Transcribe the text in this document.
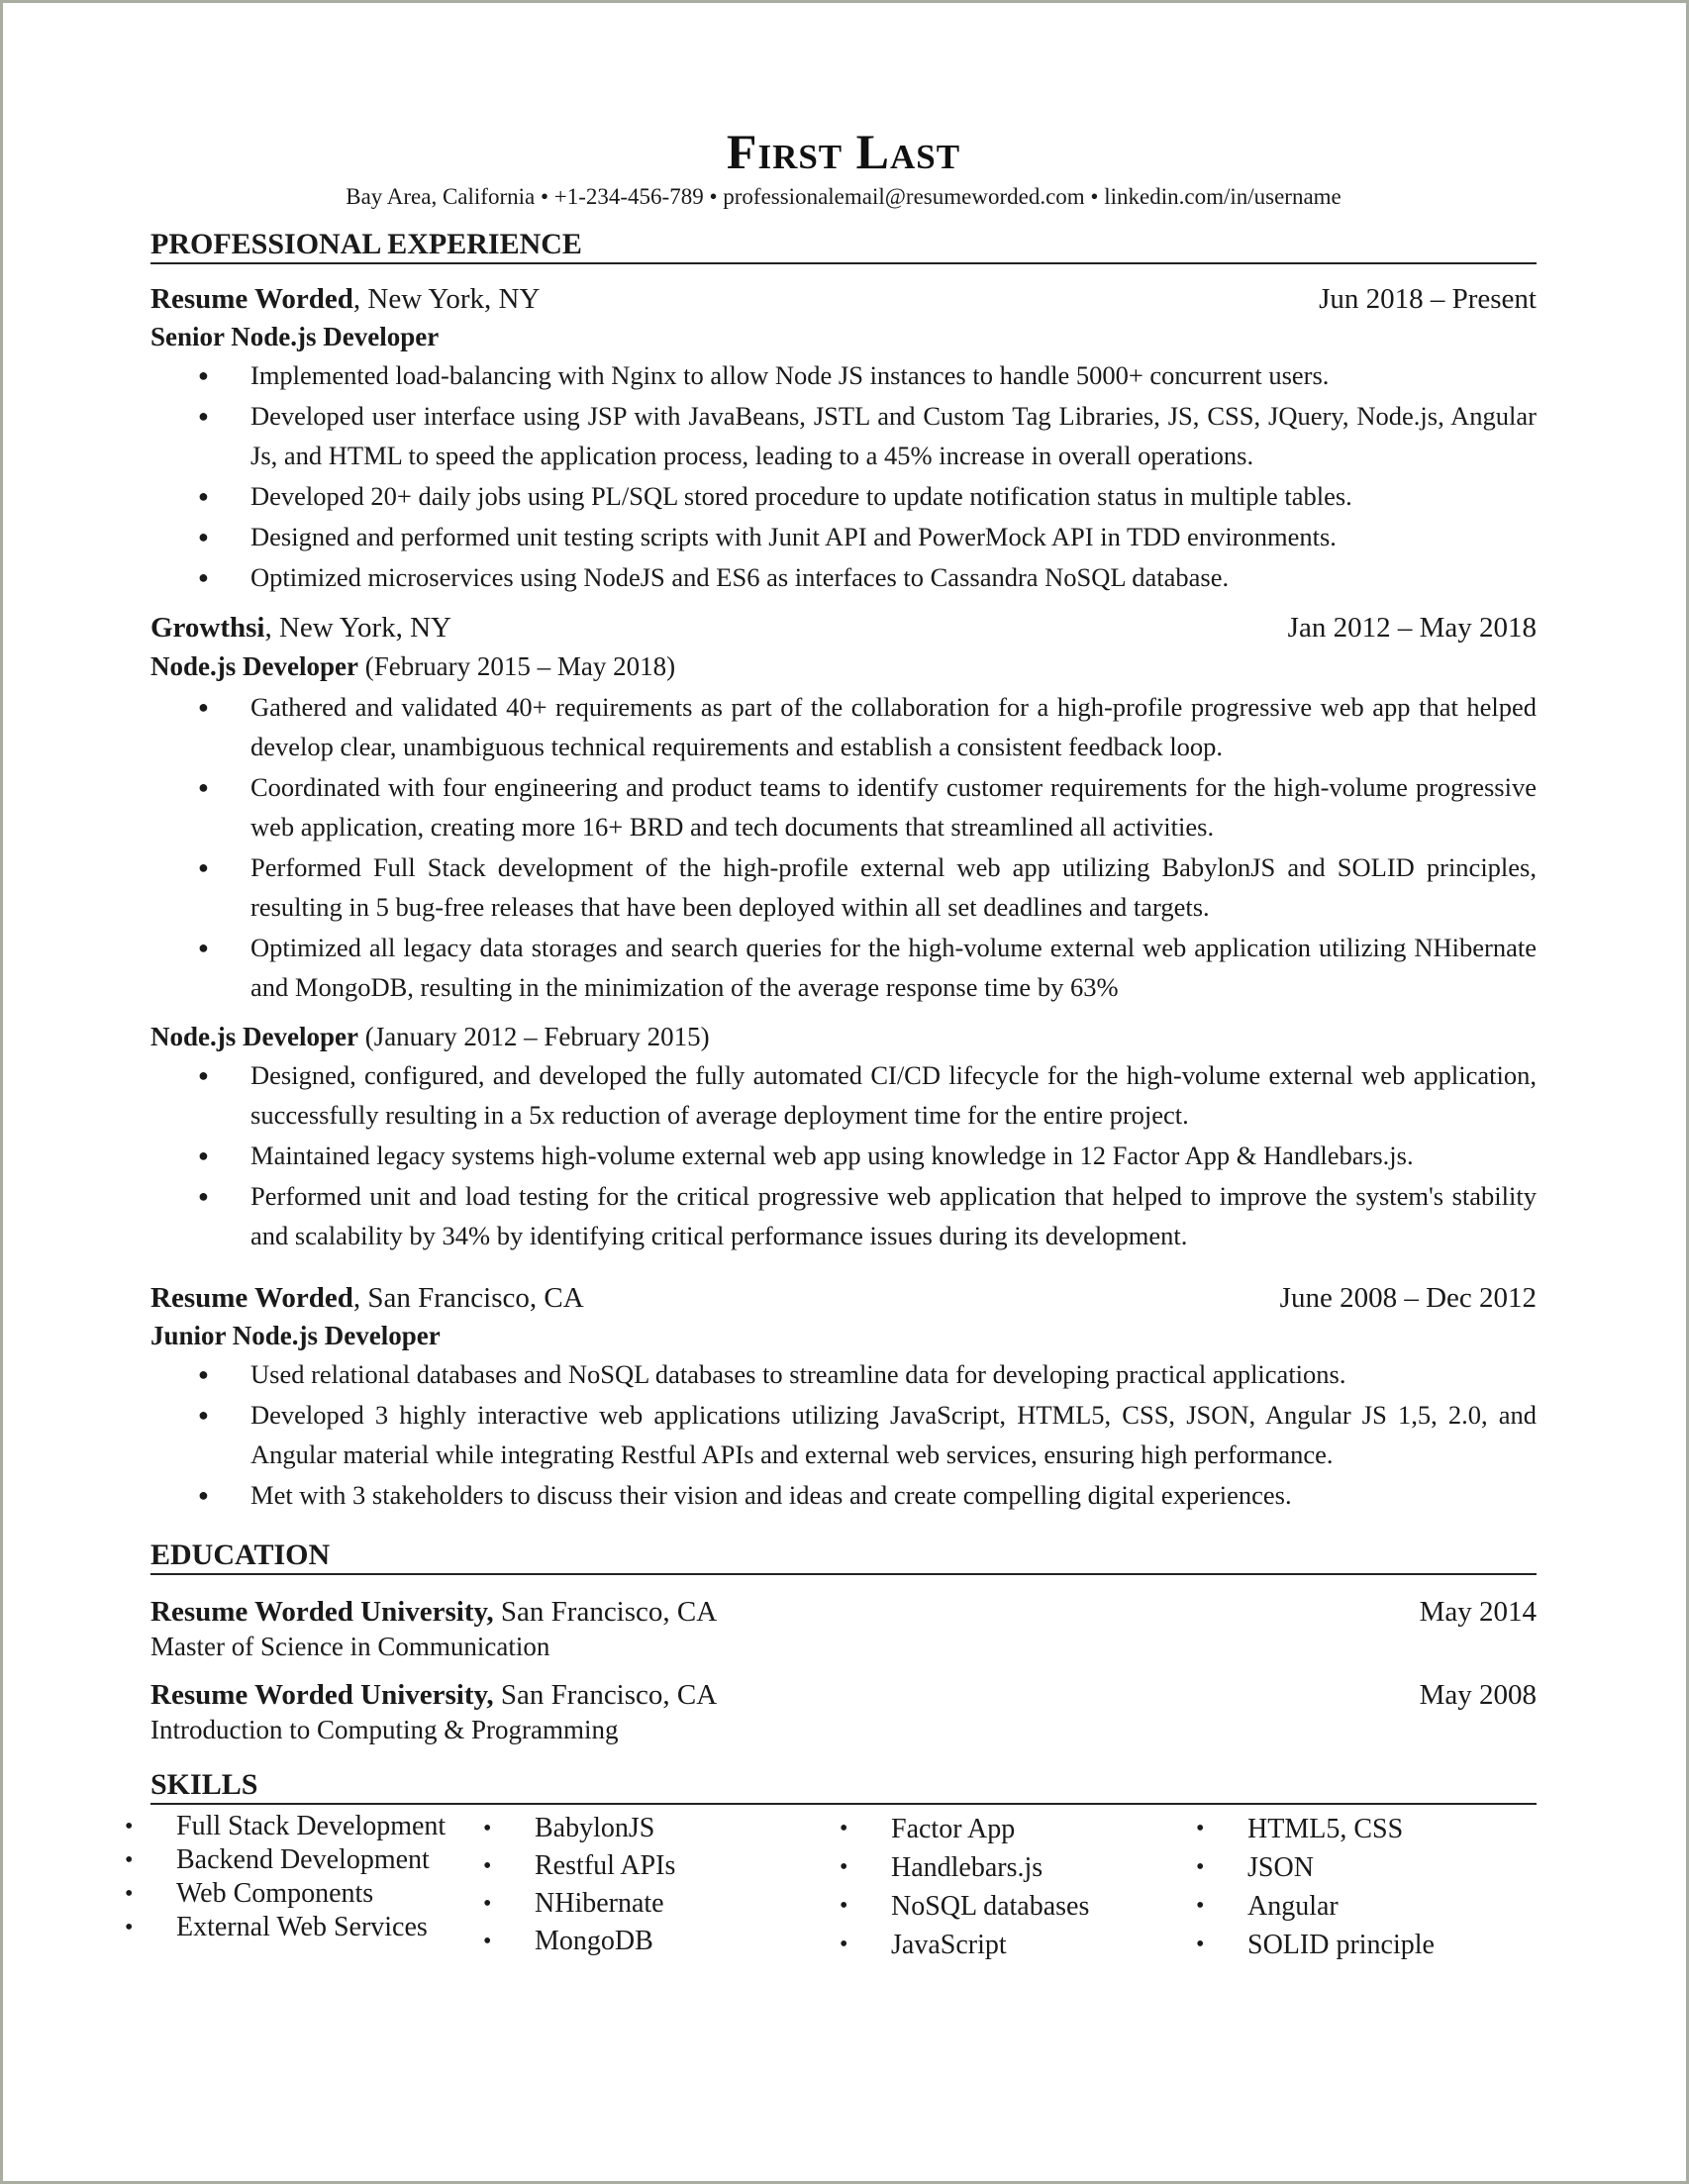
First Last
Bay Area, California • +1-234-456-789 • professionalemail@resumeworded.com • linkedin.com/in/username
PROFESSIONAL EXPERIENCE
Resume Worded, New York, NY	Jun 2018 – Present
Senior Node.js Developer
● Implemented load-balancing with Nginx to allow Node JS instances to handle 5000+ concurrent users.
● Developed user interface using JSP with JavaBeans, JSTL and Custom Tag Libraries, JS, CSS, JQuery, Node.js, Angular Js, and HTML to speed the application process, leading to a 45% increase in overall operations.
● Developed 20+ daily jobs using PL/SQL stored procedure to update notification status in multiple tables.
● Designed and performed unit testing scripts with Junit API and PowerMock API in TDD environments.
● Optimized microservices using NodeJS and ES6 as interfaces to Cassandra NoSQL database.
Growthsi, New York, NY	Jan 2012 – May 2018
Node.js Developer (February 2015 – May 2018)
● Gathered and validated 40+ requirements as part of the collaboration for a high-profile progressive web app that helped develop clear, unambiguous technical requirements and establish a consistent feedback loop.
● Coordinated with four engineering and product teams to identify customer requirements for the high-volume progressive web application, creating more 16+ BRD and tech documents that streamlined all activities.
● Performed Full Stack development of the high-profile external web app utilizing BabylonJS and SOLID principles, resulting in 5 bug-free releases that have been deployed within all set deadlines and targets.
● Optimized all legacy data storages and search queries for the high-volume external web application utilizing NHibernate and MongoDB, resulting in the minimization of the average response time by 63%
Node.js Developer (January 2012 – February 2015)
● Designed, configured, and developed the fully automated CI/CD lifecycle for the high-volume external web application, successfully resulting in a 5x reduction of average deployment time for the entire project.
● Maintained legacy systems high-volume external web app using knowledge in 12 Factor App & Handlebars.js.
● Performed unit and load testing for the critical progressive web application that helped to improve the system's stability and scalability by 34% by identifying critical performance issues during its development.
Resume Worded, San Francisco, CA	June 2008 – Dec 2012
Junior Node.js Developer
● Used relational databases and NoSQL databases to streamline data for developing practical applications.
● Developed 3 highly interactive web applications utilizing JavaScript, HTML5, CSS, JSON, Angular JS 1,5, 2.0, and Angular material while integrating Restful APIs and external web services, ensuring high performance.
● Met with 3 stakeholders to discuss their vision and ideas and create compelling digital experiences.
EDUCATION
Resume Worded University, San Francisco, CA	May 2014
Master of Science in Communication
Resume Worded University, San Francisco, CA	May 2008
Introduction to Computing & Programming
SKILLS
• Full Stack Development
• Backend Development
• Web Components
• External Web Services
• BabylonJS
• Restful APIs
• NHibernate
• MongoDB
• Factor App
• Handlebars.js
• NoSQL databases
• JavaScript
• HTML5, CSS
• JSON
• Angular
• SOLID principle
